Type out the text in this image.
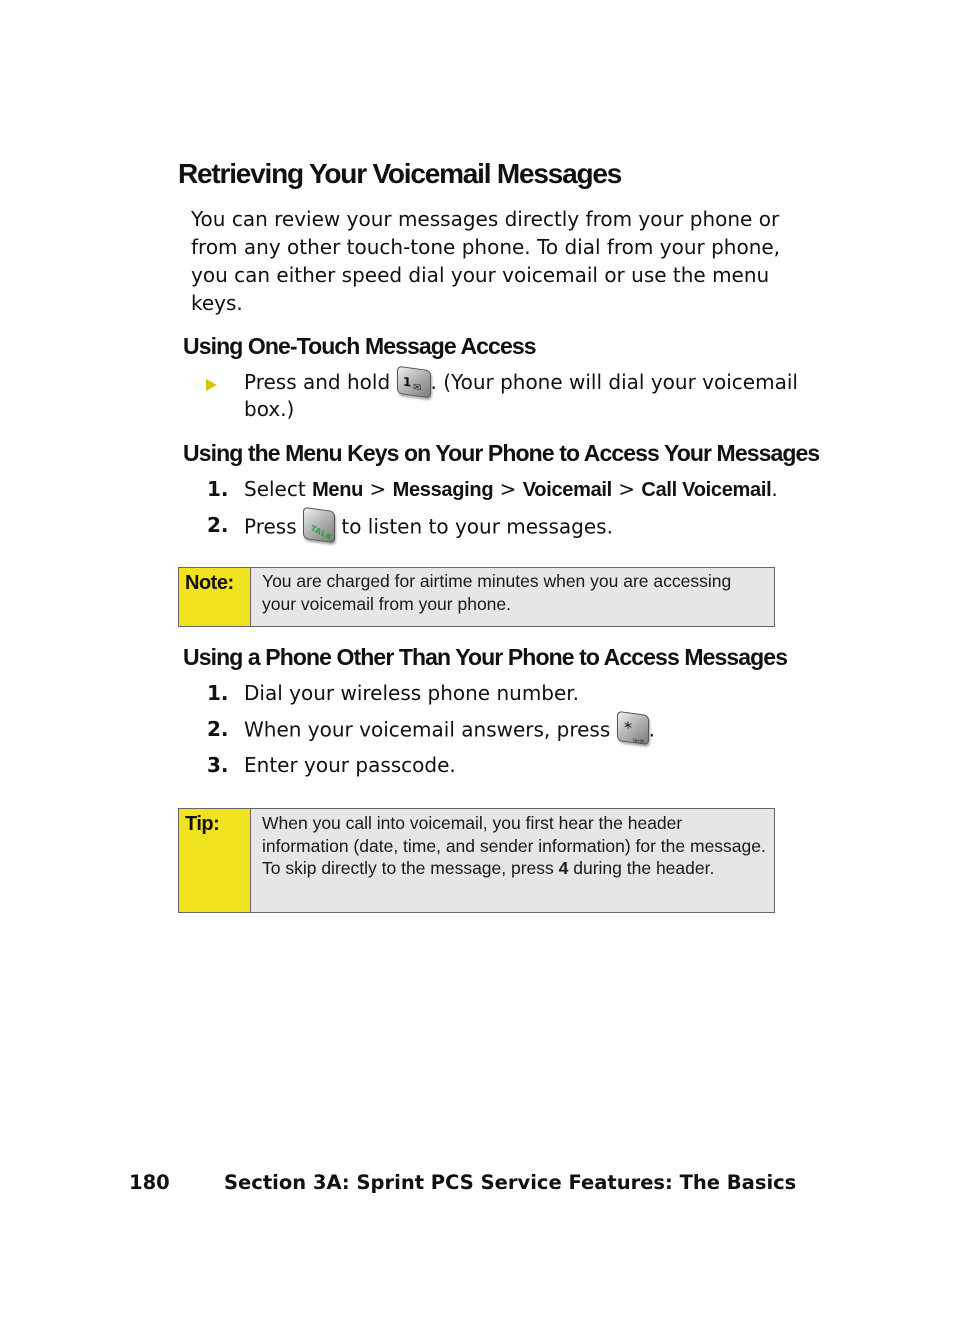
Retrieving Your Voicemail Messages

You can review your messages directly from your phone or from any other touch-tone phone. To dial from your phone, you can either speed dial your voicemail or use the menu keys.

Using One-Touch Message Access
Press and hold 1 ✉ . (Your phone will dial your voicemail
box.)
Using the Menu Keys on Your Phone to Access Your Messages
1. Select Menu > Messaging > Voicemail > Call Voicemail.
2. Press TALK to listen to your messages.
Note:	You are charged for airtime minutes when you are accessing your voicemail from your phone.
Using a Phone Other Than Your Phone to Access Messages
1. Dial your wireless phone number.
2. When your voicemail answers, press *
Shift
.
3. Enter your passcode.
Tip:	When you call into voicemail, you first hear the header information (date, time, and sender information) for the message. To skip directly to the message, press 4 during the header.
180	Section 3A: Sprint PCS Service Features: The Basics
